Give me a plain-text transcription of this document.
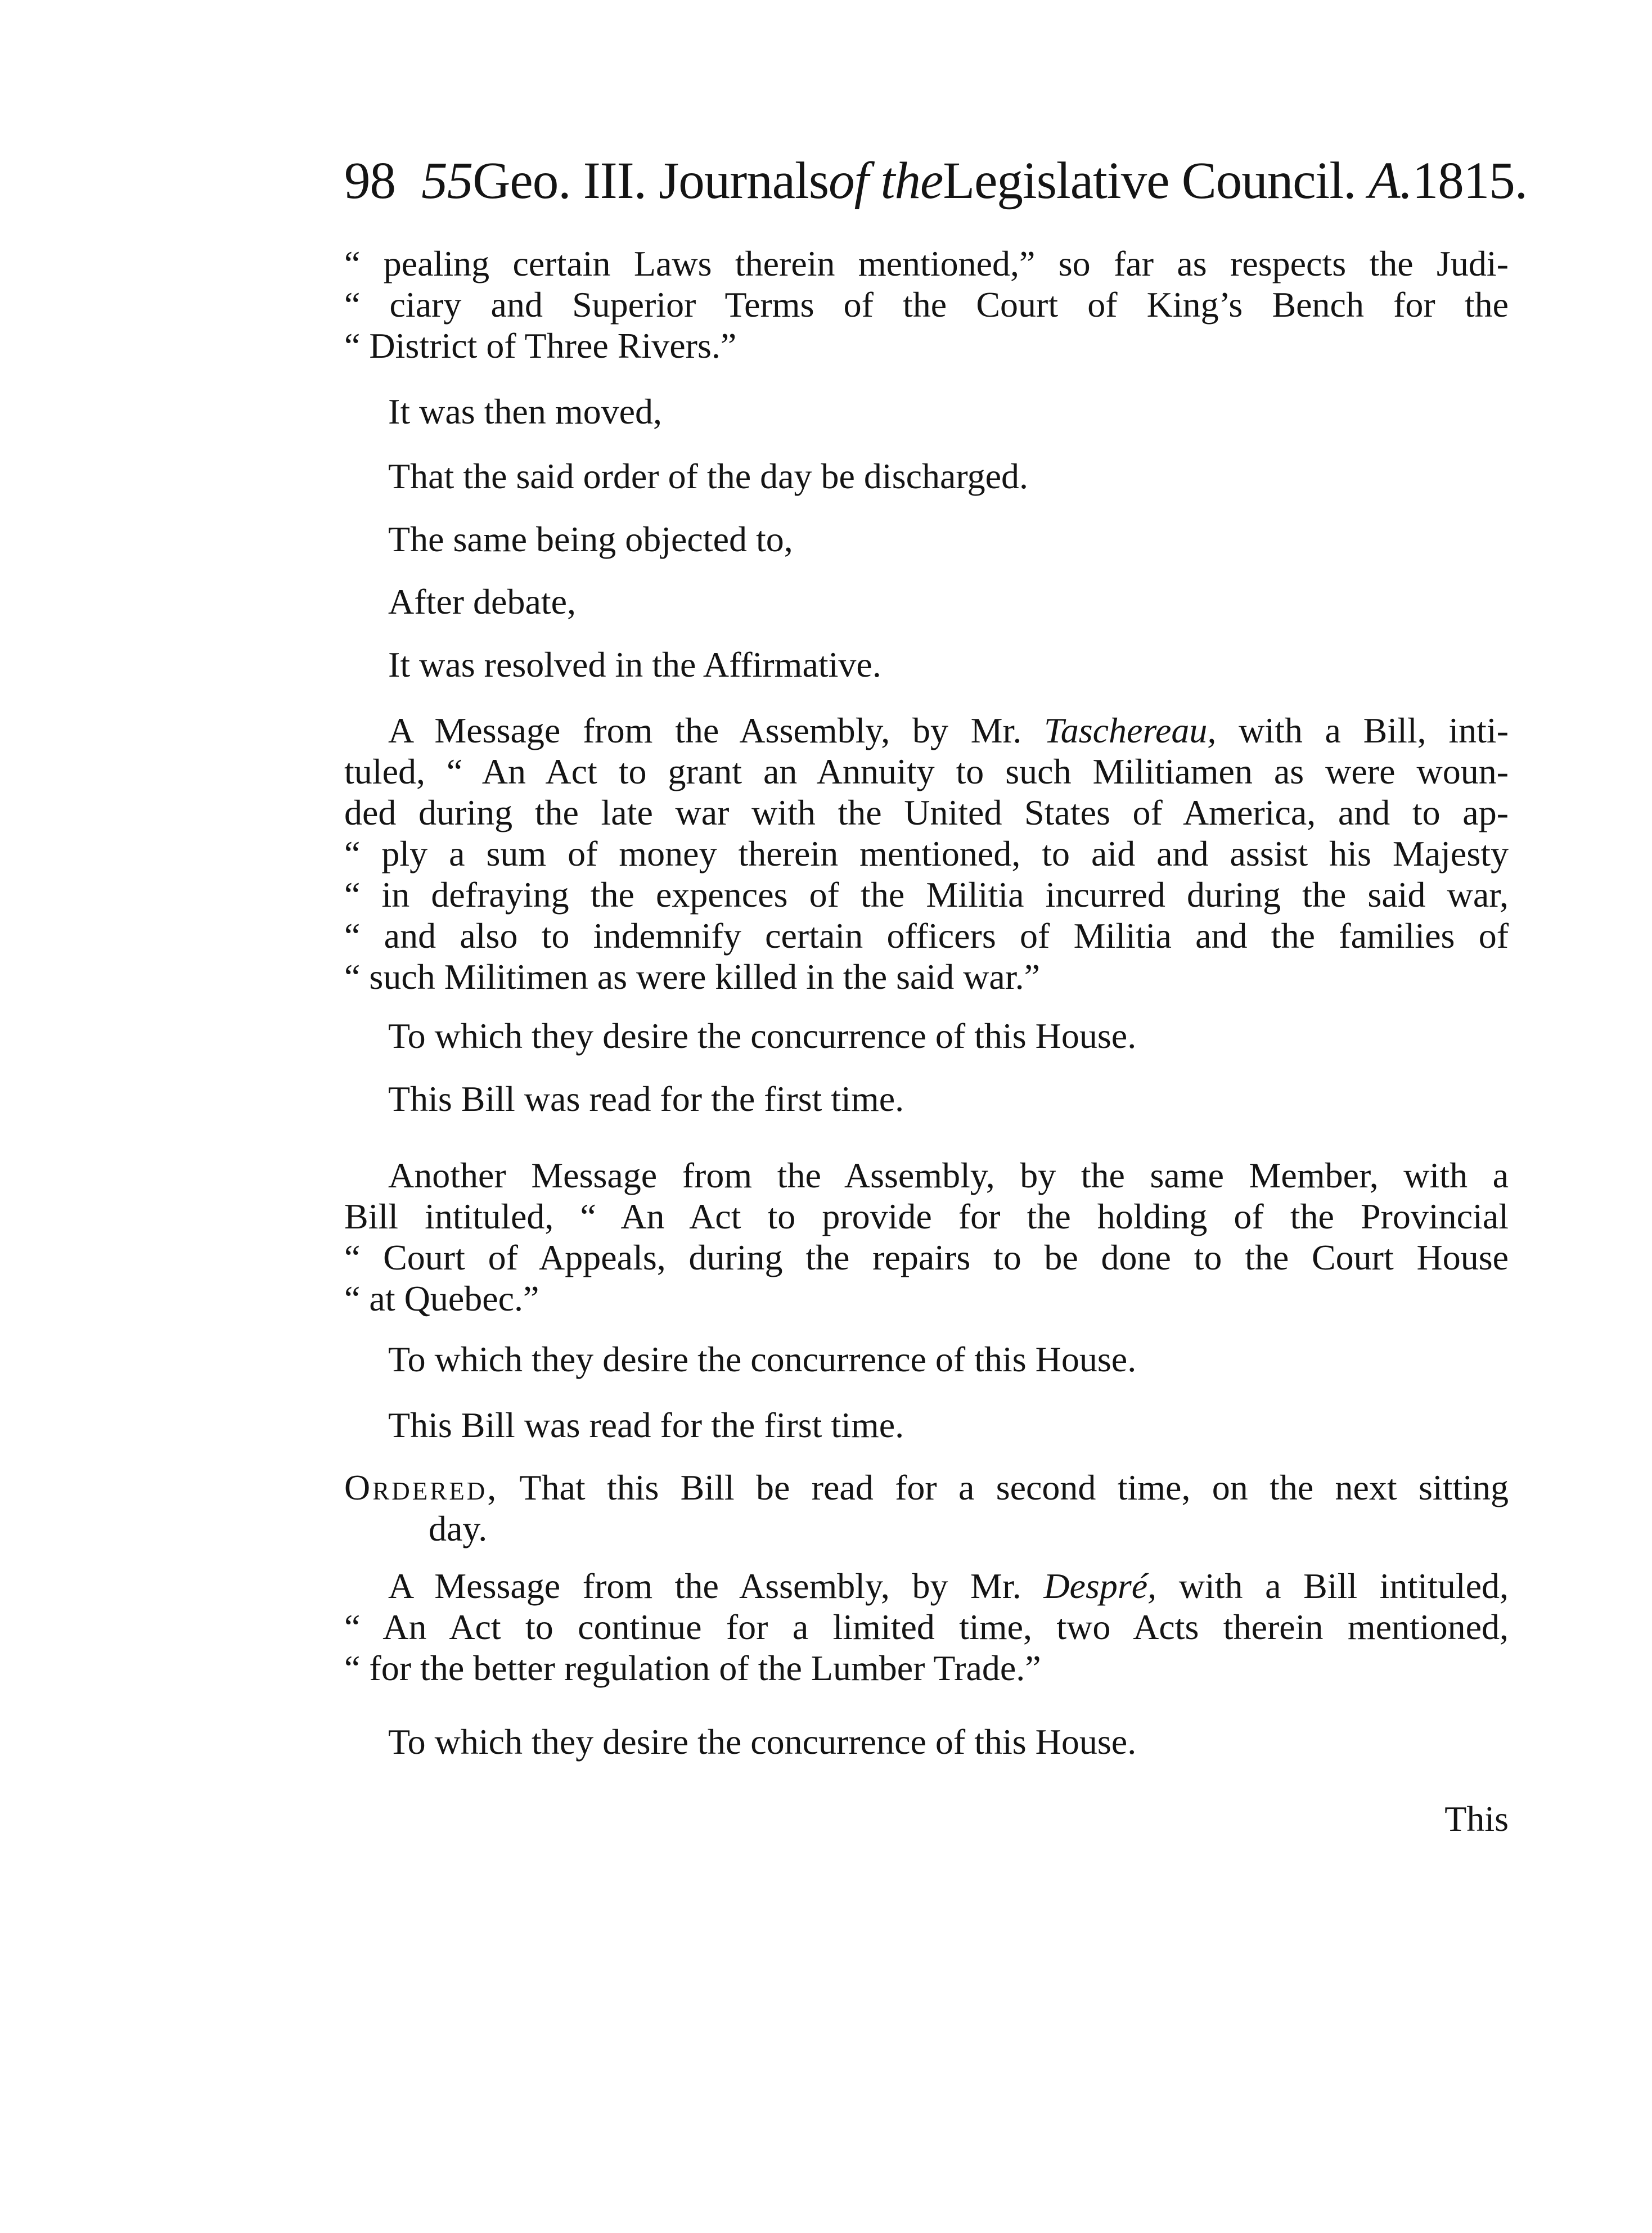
98 55Geo. III. Journalsof theLegislative Council. A.1815.
“ pealing certain Laws therein mentioned,” so far as respects the Judi-
“ ciary and Superior Terms of the Court of King’s Bench for the
“ District of Three Rivers.”
It was then moved,
That the said order of the day be discharged.
The same being objected to,
After debate,
It was resolved in the Affirmative.
A Message from the Assembly, by Mr. Taschereau, with a Bill, inti-
tuled, “ An Act to grant an Annuity to such Militiamen as were woun-
ded during the late war with the United States of America, and to ap-
“ ply a sum of money therein mentioned, to aid and assist his Majesty
“ in defraying the expences of the Militia incurred during the said war,
“ and also to indemnify certain officers of Militia and the families of
“ such Militimen as were killed in the said war.”
To which they desire the concurrence of this House.
This Bill was read for the first time.
Another Message from the Assembly, by the same Member, with a
Bill intituled, “ An Act to provide for the holding of the Provincial
“ Court of Appeals, during the repairs to be done to the Court House
“ at Quebec.”
To which they desire the concurrence of this House.
This Bill was read for the first time.
Ordered, That this Bill be read for a second time, on the next sitting
day.
A Message from the Assembly, by Mr. Despré, with a Bill intituled,
“ An Act to continue for a limited time, two Acts therein mentioned,
“ for the better regulation of the Lumber Trade.”
To which they desire the concurrence of this House.
This
